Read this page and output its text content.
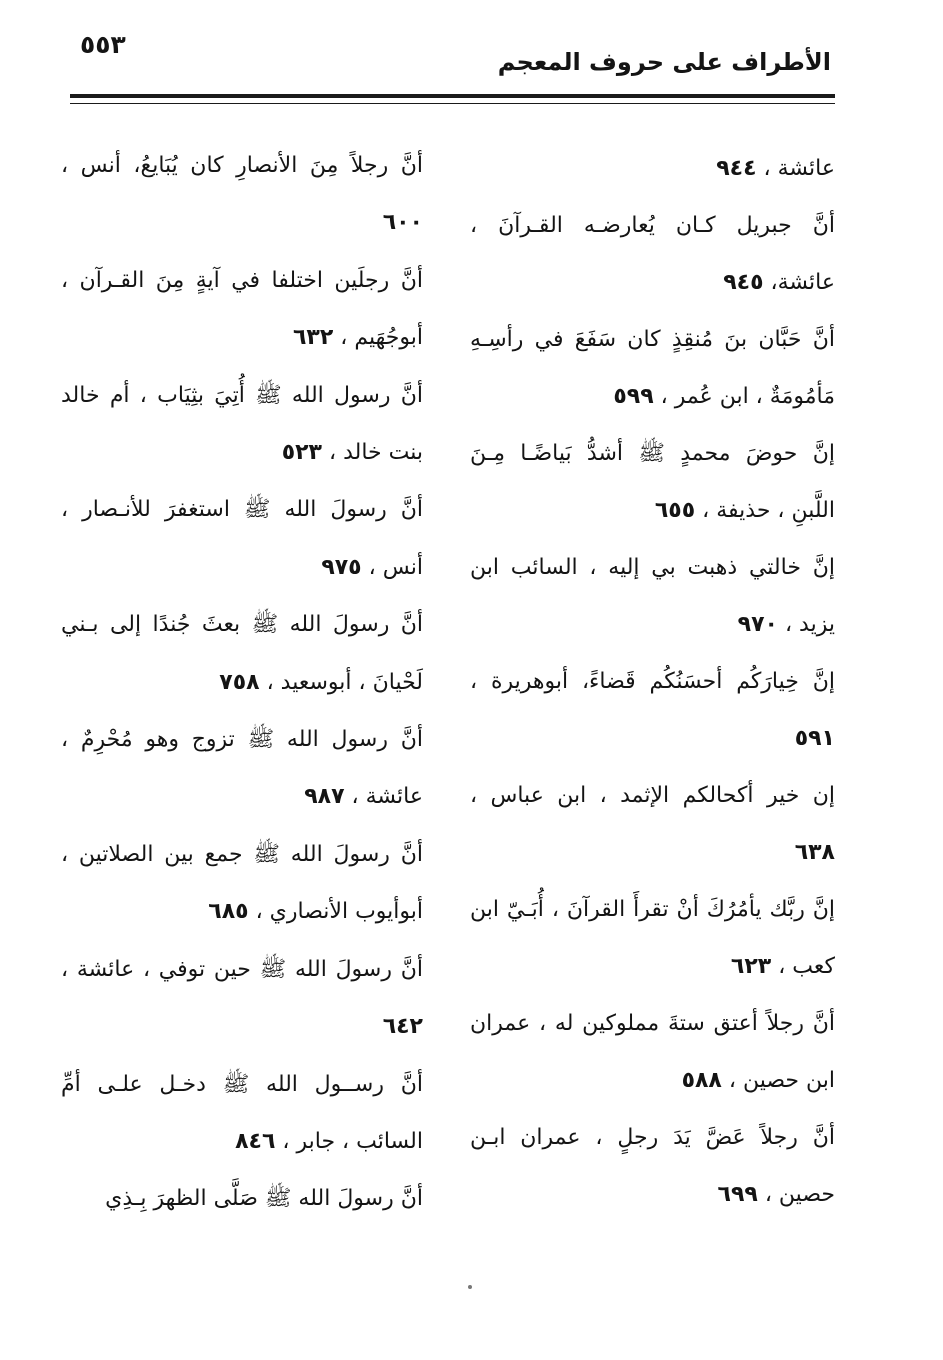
الأطراف على حروف المعجم
٥٥٣
عائشة ، ٩٤٤
أنَّ جبريل كـان يُعارضـه القـرآنَ ، عائشة، ٩٤٥
أنَّ حَبَّان بنَ مُنقِذٍ كان سَفَعَ في رأسِـهِ مَأمُومَةٌ ، ابن عُمر ، ٥٩٩
إنَّ حوضَ محمدٍ ﷺ أشدُّ بَياضًـا مِـنَ اللَّبنِ ، حذيفة ، ٦٥٥
إنَّ خالتي ذهبت بي إليه ، السائب ابن يزيد ، ٩٧٠
إنَّ خِيارَكُم أحسَنُكُم قَضاءً، أبوهريرة ، ٥٩١
إن خير أكحالكم الإثمد ، ابن عباس ، ٦٣٨
إنَّ ربَّك يأمُرُكَ أنْ تقرأَ القرآنَ ، أُبَـيّ ابن كعب ، ٦٢٣
أنَّ رجلاً أعتق ستةَ مملوكين له ، عمران ابن حصين ، ٥٨٨
أنَّ رجلاً عَضَّ يَدَ رجلٍ ، عمران ابـن حصين ، ٦٩٩
أنَّ رجلاً مِنَ الأنصارِ كان يُبَايعُ، أنس ، ٦٠٠
أنَّ رجلَين اختلفا في آيةٍ مِنَ القـرآن ، أبوجُهَيم ، ٦٣٢
أنَّ رسول الله ﷺ أُتِيَ بثِيَاب ، أم خالد بنت خالد ، ٥٢٣
أنَّ رسولَ الله ﷺ استغفرَ للأنـصار ، أنس ، ٩٧٥
أنَّ رسولَ الله ﷺ بعثَ جُندًا إلى بـني لَحْيانَ ، أبوسعيد ، ٧٥٨
أنَّ رسول الله ﷺ تزوج وهو مُحْرِمٌ ، عائشة ، ٩٨٧
أنَّ رسولَ الله ﷺ جمع بين الصلاتين ، أبوأيوب الأنصاري ، ٦٨٥
أنَّ رسولَ الله ﷺ حين توفي ، عائشة ، ٦٤٢
أنَّ رســول الله ﷺ دخـل علـى أمِّ السائب ، جابر ، ٨٤٦
أنَّ رسولَ الله ﷺ صَلَّى الظهرَ بِـذِي
